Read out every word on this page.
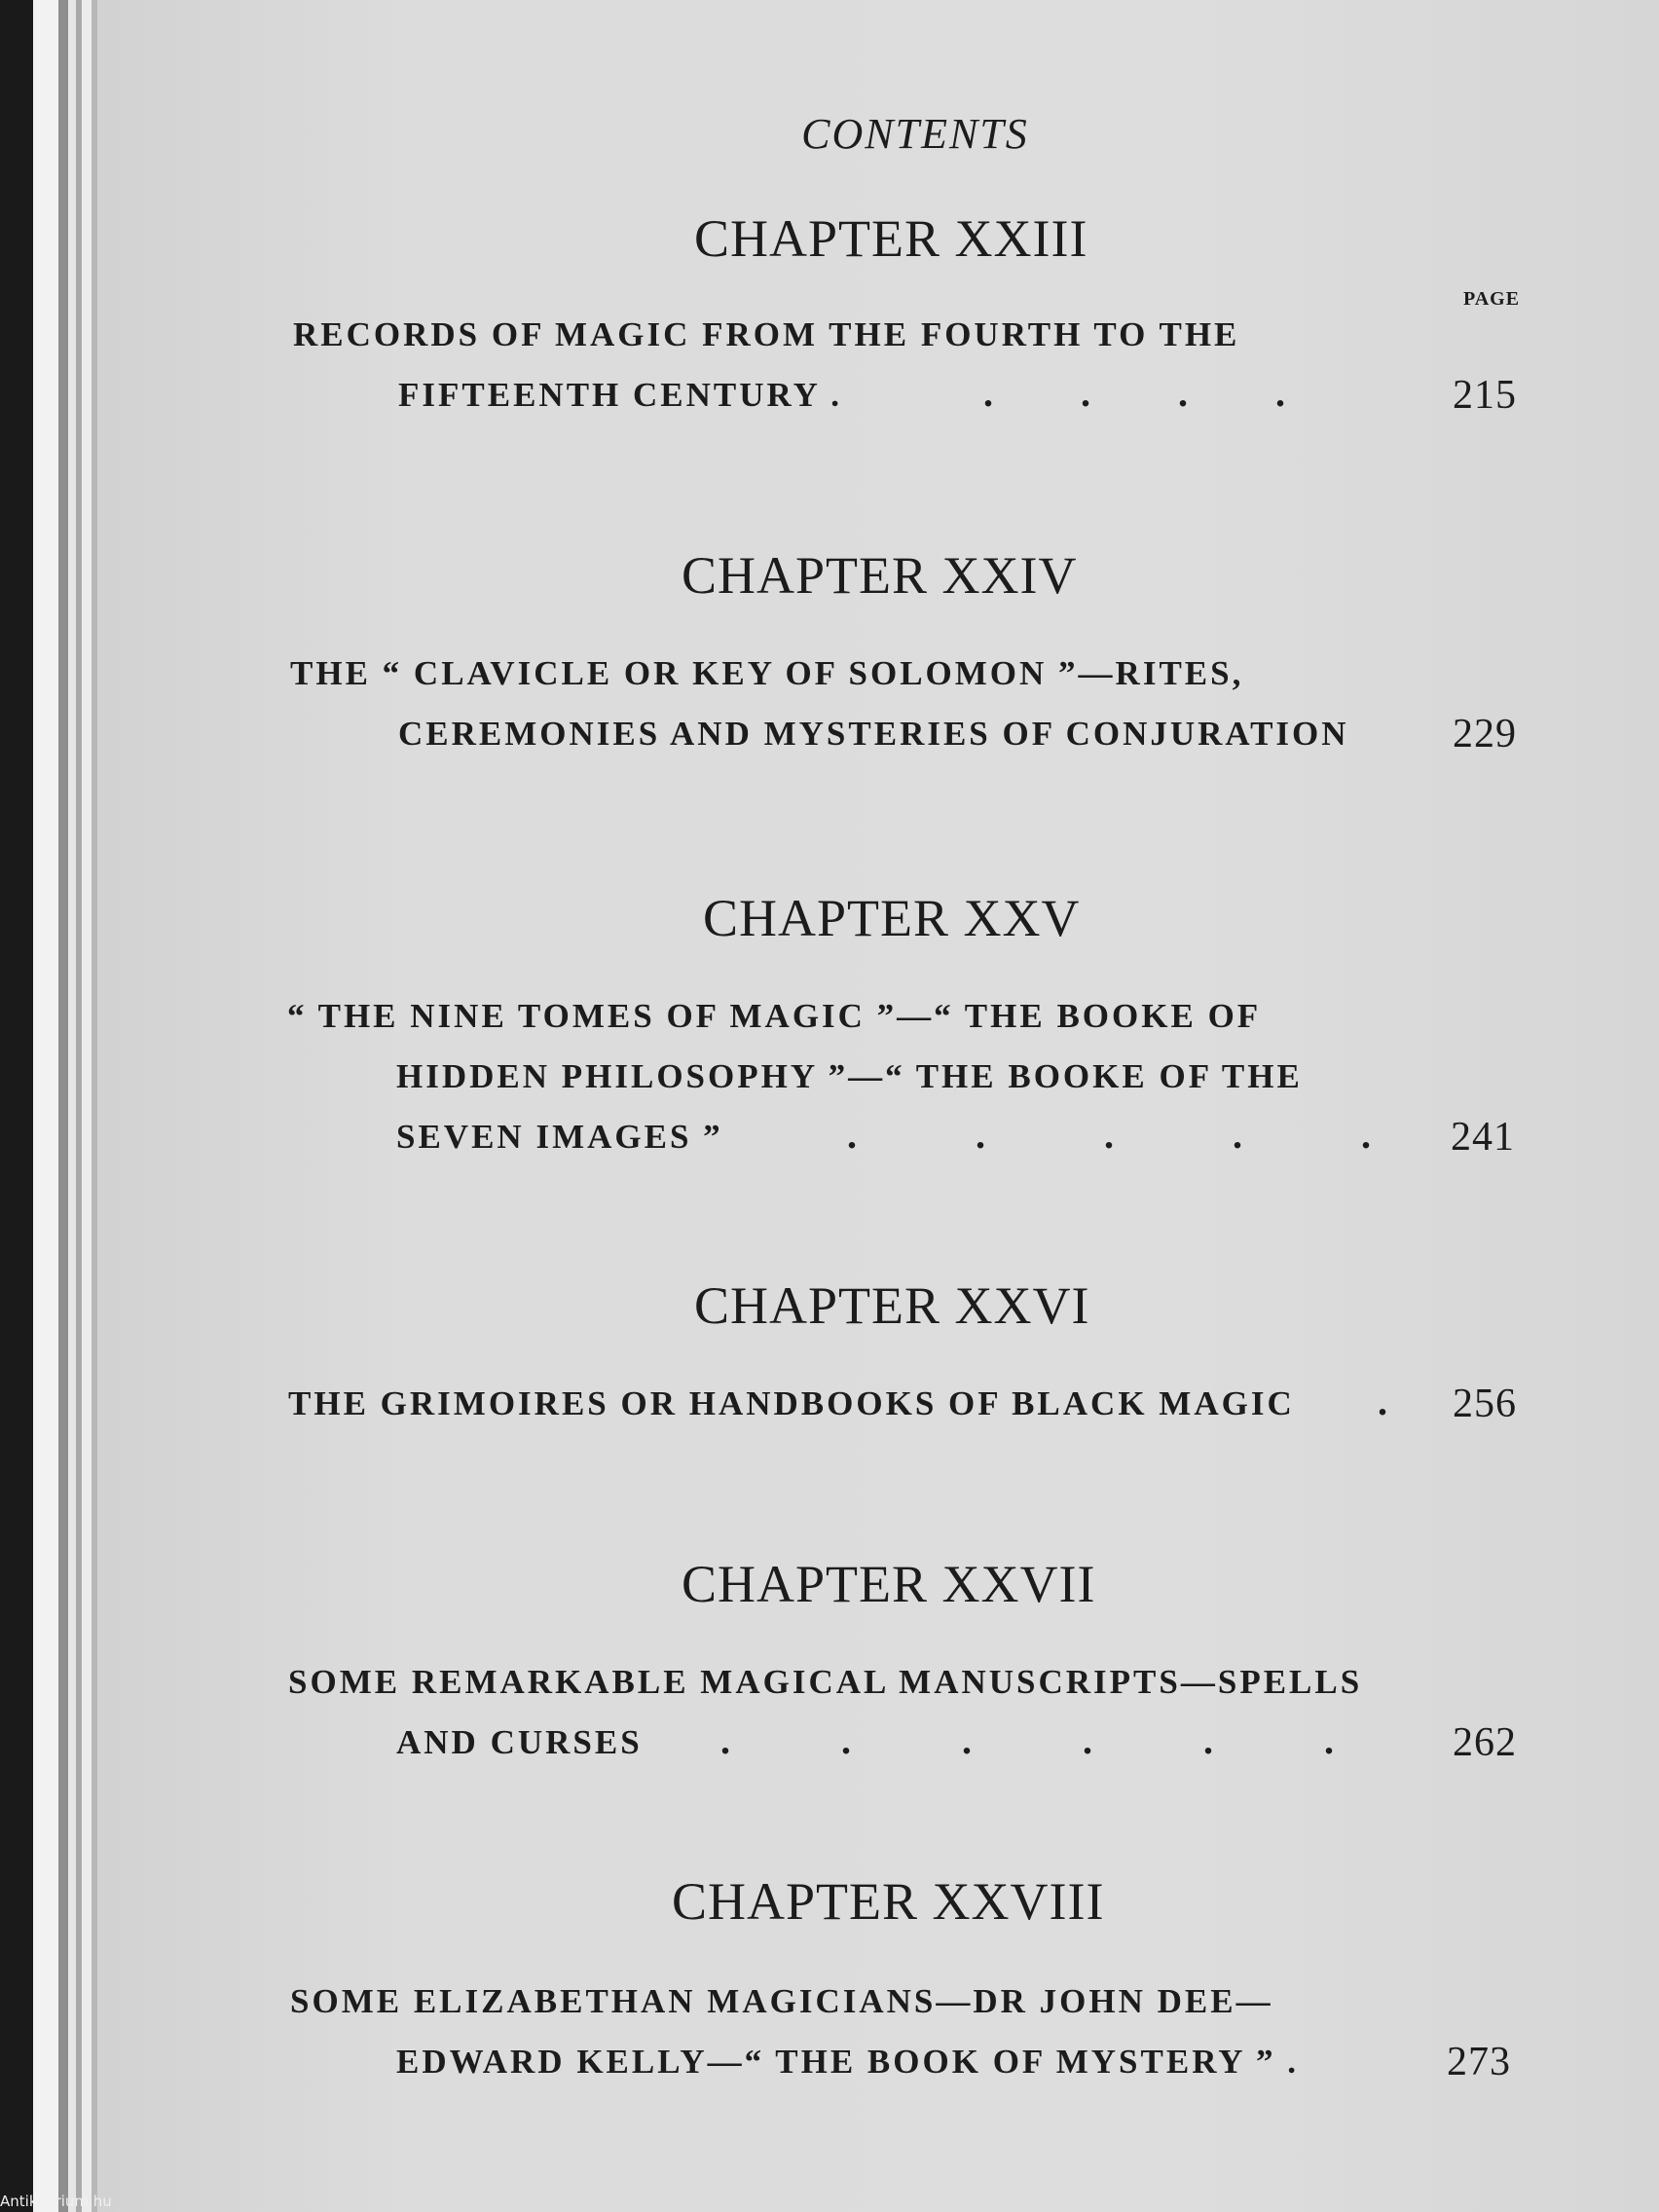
CONTENTS
PAGE
CHAPTER XXIII
RECORDS OF MAGIC FROM THE FOURTH TO THE
FIFTEENTH CENTURY .	. . . .	215
CHAPTER XXIV
THE “ CLAVICLE OR KEY OF SOLOMON ”—RITES,
CEREMONIES AND MYSTERIES OF CONJURATION	229
CHAPTER XXV
“ THE NINE TOMES OF MAGIC ”—“ THE BOOKE OF
HIDDEN PHILOSOPHY ”—“ THE BOOKE OF THE
SEVEN IMAGES ”	. . . . . 241
CHAPTER XXVI
THE GRIMOIRES OR HANDBOOKS OF BLACK MAGIC . 256
CHAPTER XXVII
SOME REMARKABLE MAGICAL MANUSCRIPTS—SPELLS
AND CURSES . . . . . . 262
CHAPTER XXVIII
SOME ELIZABETHAN MAGICIANS—DR JOHN DEE—
EDWARD KELLY—“ THE BOOK OF MYSTERY ” .	273
Antikvarium.hu
